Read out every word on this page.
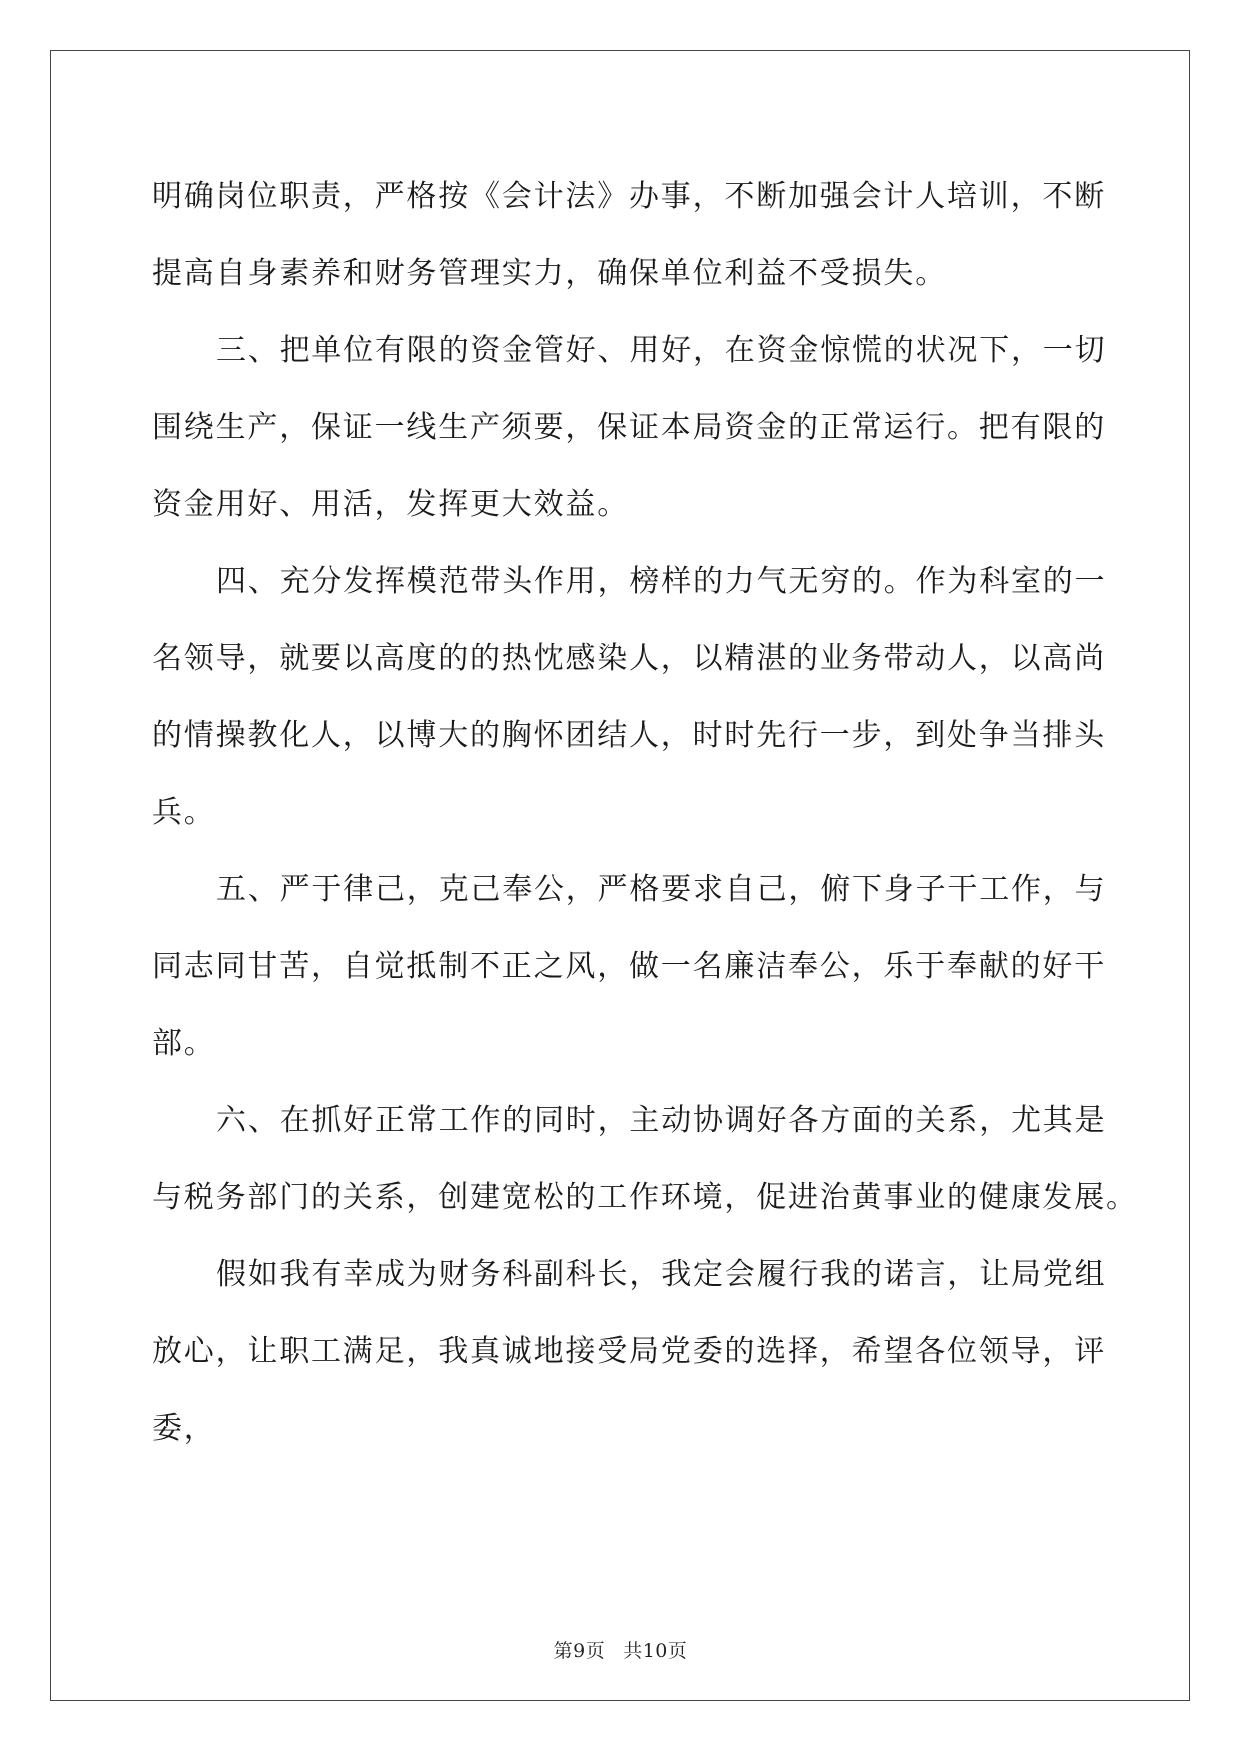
明确岗位职责，严格按《会计法》办事，不断加强会计人培训，不断
提高自身素养和财务管理实力，确保单位利益不受损失。
三、把单位有限的资金管好、用好，在资金惊慌的状况下，一切
围绕生产，保证一线生产须要，保证本局资金的正常运行。把有限的
资金用好、用活，发挥更大效益。
四、充分发挥模范带头作用，榜样的力气无穷的。作为科室的一
名领导，就要以高度的的热忱感染人，以精湛的业务带动人，以高尚
的情操教化人，以博大的胸怀团结人，时时先行一步，到处争当排头
兵。
五、严于律己，克己奉公，严格要求自己，俯下身子干工作，与
同志同甘苦，自觉抵制不正之风，做一名廉洁奉公，乐于奉献的好干
部。
六、在抓好正常工作的同时，主动协调好各方面的关系，尤其是
与税务部门的关系，创建宽松的工作环境，促进治黄事业的健康发展。
假如我有幸成为财务科副科长，我定会履行我的诺言，让局党组
放心，让职工满足，我真诚地接受局党委的选择，希望各位领导，评
委，
第9页 共10页
